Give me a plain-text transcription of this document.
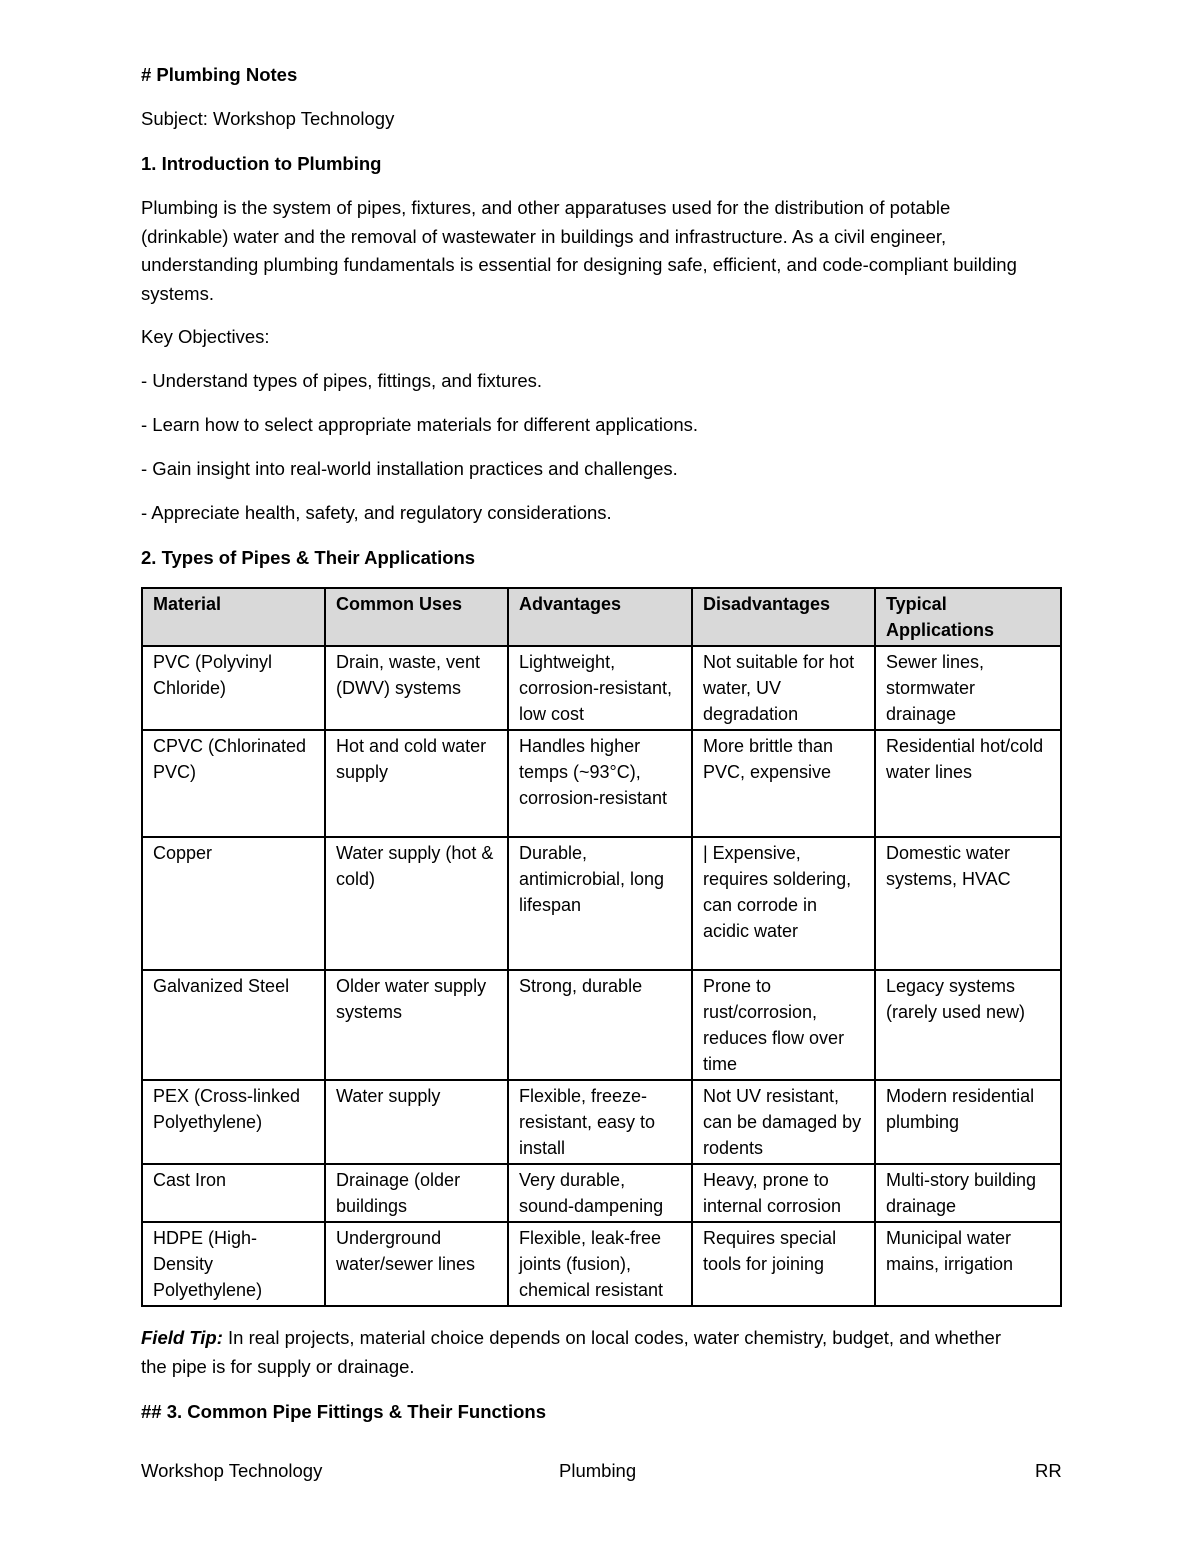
# Plumbing Notes

Subject: Workshop Technology

1. Introduction to Plumbing

Plumbing is the system of pipes, fixtures, and other apparatuses used for the distribution of potable (drinkable) water and the removal of wastewater in buildings and infrastructure. As a civil engineer, understanding plumbing fundamentals is essential for designing safe, efficient, and code-compliant building systems.

Key Objectives:

- Understand types of pipes, fittings, and fixtures.

- Learn how to select appropriate materials for different applications.

- Gain insight into real-world installation practices and challenges.

- Appreciate health, safety, and regulatory considerations.

2. Types of Pipes & Their Applications

Material	Common Uses	Advantages	Disadvantages	Typical Applications
PVC (Polyvinyl Chloride)	Drain, waste, vent (DWV) systems	Lightweight, corrosion-resistant, low cost	Not suitable for hot water, UV degradation	Sewer lines, stormwater drainage
CPVC (Chlorinated PVC)	Hot and cold water supply	Handles higher temps (~93°C), corrosion-resistant	More brittle than PVC, expensive	Residential hot/cold water lines
Copper	Water supply (hot & cold)	Durable, antimicrobial, long lifespan	| Expensive, requires soldering, can corrode in acidic water	Domestic water systems, HVAC
Galvanized Steel	Older water supply systems	Strong, durable	Prone to rust/corrosion, reduces flow over time	Legacy systems (rarely used new)
PEX (Cross-linked Polyethylene)	Water supply	Flexible, freeze-resistant, easy to install	Not UV resistant, can be damaged by rodents	Modern residential plumbing
Cast Iron	Drainage (older buildings	Very durable, sound-dampening	Heavy, prone to internal corrosion	Multi-story building drainage
HDPE (High-Density Polyethylene)	Underground water/sewer lines	Flexible, leak-free joints (fusion), chemical resistant	Requires special tools for joining	Municipal water mains, irrigation

Field Tip: In real projects, material choice depends on local codes, water chemistry, budget, and whether the pipe is for supply or drainage.

## 3. Common Pipe Fittings & Their Functions

Workshop Technology	Plumbing	RR
